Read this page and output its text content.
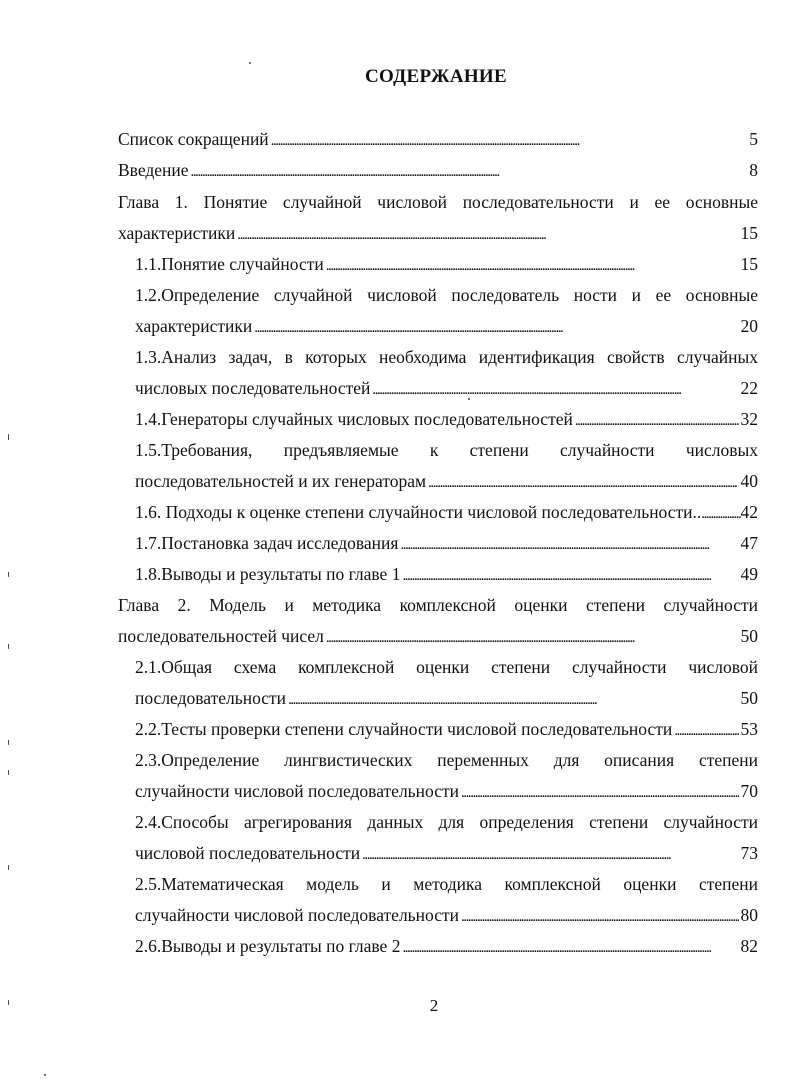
СОДЕРЖАНИЕ
Список сокращений . . .	5
Введение . . .	8
Глава 1. Понятие случайной числовой последовательности и ее основные
характеристики . . .	15
1.1.Понятие случайности . . .	15
1.2.Определение случайной числовой последователь ности и ее основные
характеристики . . .	20
1.3.Анализ задач, в которых необходима идентификация свойств случайных
числовых последовательностей . . .	22
1.4.Генераторы случайных числовых последовательностей . . .	32
1.5.Требования, предъявляемые к степени случайности числовых
последовательностей и их генераторам . . .	40
1.6. Подходы к оценке степени случайности числовой последовательности.. . . . 42
1.7.Постановка задач исследования . . .	47
1.8.Выводы и результаты по главе 1 . . .	49
Глава 2. Модель и методика комплексной оценки степени случайности
последовательностей чисел . . .	50
2.1.Общая схема комплексной оценки степени случайности числовой
последовательности . . .	50
2.2.Тесты проверки степени случайности числовой последовательности . . .	53
2.3.Определение лингвистических переменных для описания степени
случайности числовой последовательности . . .	70
2.4.Способы агрегирования данных для определения степени случайности
числовой последовательности . . .	73
2.5.Математическая модель и методика комплексной оценки степени
случайности числовой последовательности . . .	80
2.6.Выводы и результаты по главе 2 . . .	82
2
